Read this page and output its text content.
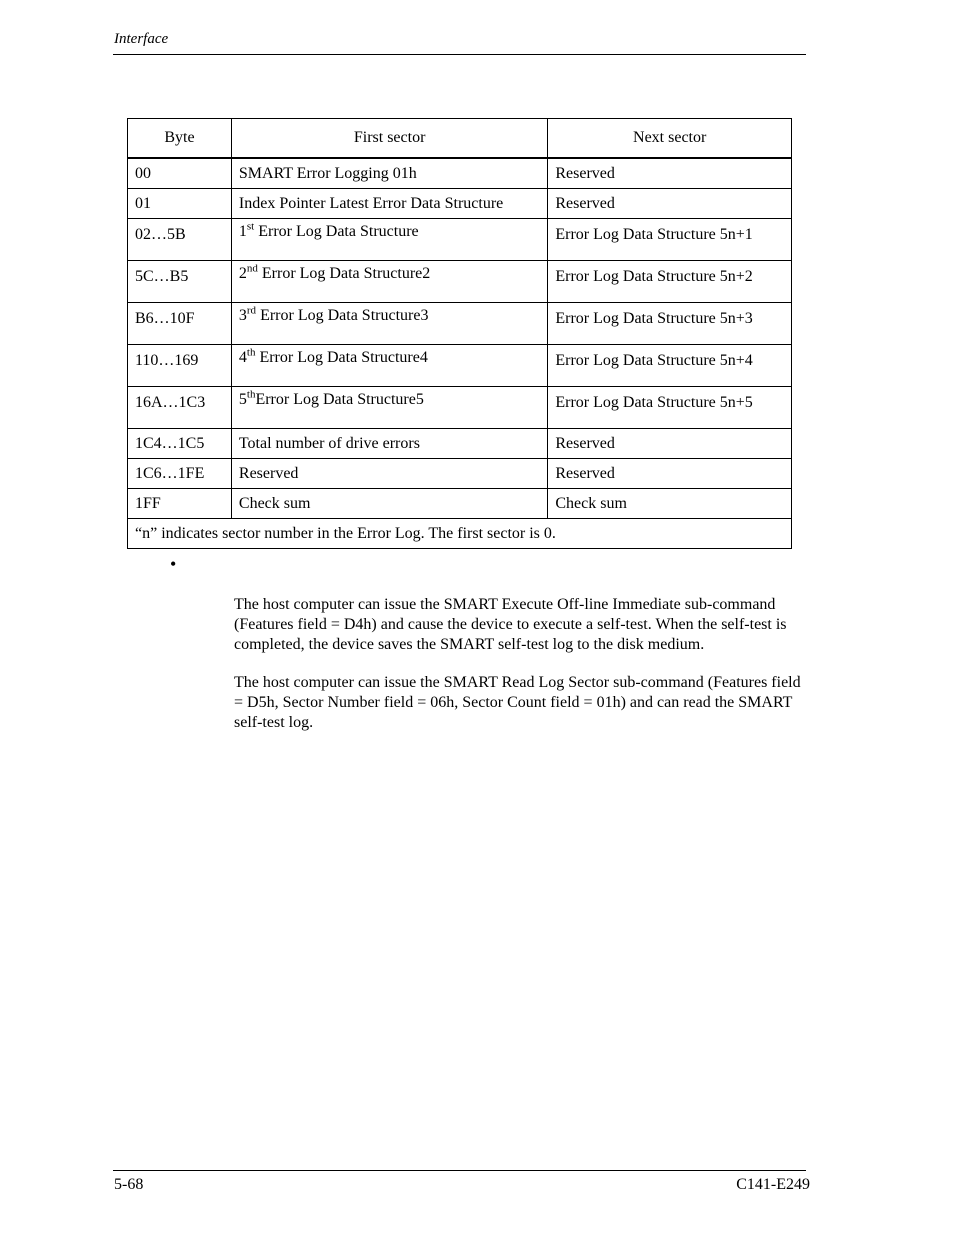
Interface
Byte	First sector	Next sector
00	SMART Error Logging 01h	Reserved
01	Index Pointer Latest Error Data Structure	Reserved
02…5B	1st Error Log Data Structure	Error Log Data Structure 5n+1
5C…B5	2nd Error Log Data Structure2	Error Log Data Structure 5n+2
B6…10F	3rd Error Log Data Structure3	Error Log Data Structure 5n+3
110…169	4th Error Log Data Structure4	Error Log Data Structure 5n+4
16A…1C3	5thError Log Data Structure5	Error Log Data Structure 5n+5
1C4…1C5	Total number of drive errors	Reserved
1C6…1FE	Reserved	Reserved
1FF	Check sum	Check sum
“n” indicates sector number in the Error Log. The first sector is 0.		
•

The host computer can issue the SMART Execute Off-line Immediate sub-command (Features field = D4h) and cause the device to execute a self-test. When the self-test is completed, the device saves the SMART self-test log to the disk medium.

The host computer can issue the SMART Read Log Sector sub-command (Features field = D5h, Sector Number field = 06h, Sector Count field = 01h) and can read the SMART self-test log.

5-68	C141-E249
